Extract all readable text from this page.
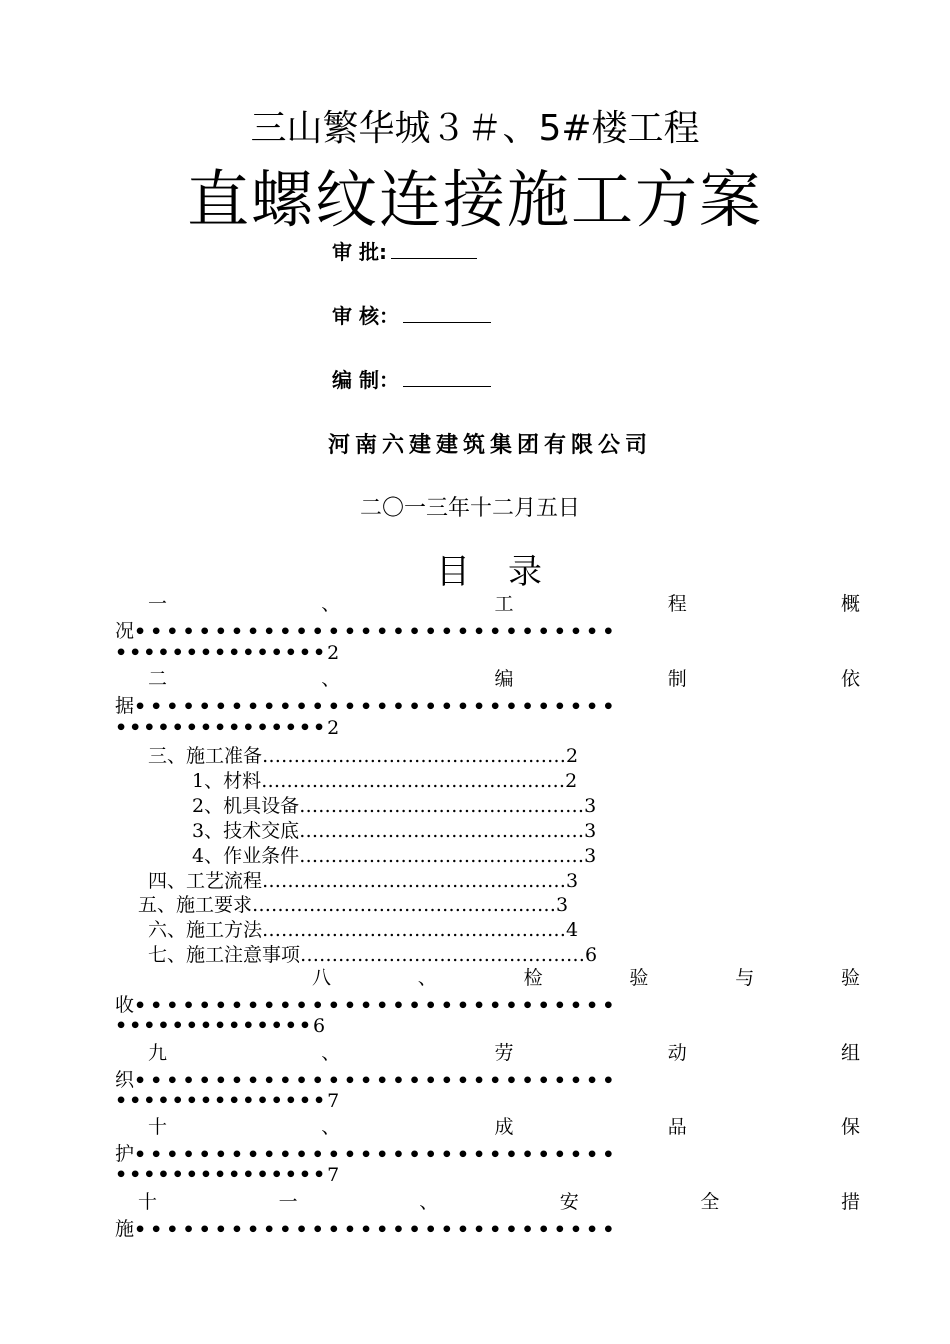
三山繁华城３＃、5#楼工程
直螺纹连接施工方案
审 批:
审 核：
编 制：
河南六建建筑集团有限公司
二〇一三年十二月五日
目　录
一	、	工	程	概
况 ••••••••••••••••••••••••••••••
•••••••••••••••2
二	、	编	制	依
据 ••••••••••••••••••••••••••••••
•••••••••••••••2
三、施工准备…………………………………………2
1、材料…………………………………………2
2、机具设备………………………………………3
3、技术交底………………………………………3
4、作业条件………………………………………3
四、工艺流程…………………………………………3
五、施工要求…………………………………………3
六、施工方法…………………………………………4
七、施工注意事项………………………………………6
八	、	检	验	与	验
收 ••••••••••••••••••••••••••••••
••••••••••••••6
九	、	劳	动	组
织 ••••••••••••••••••••••••••••••
•••••••••••••••7
十	、	成	品	保
护 ••••••••••••••••••••••••••••••
•••••••••••••••7
十	一	、	安	全	措
施 ••••••••••••••••••••••••••••••
